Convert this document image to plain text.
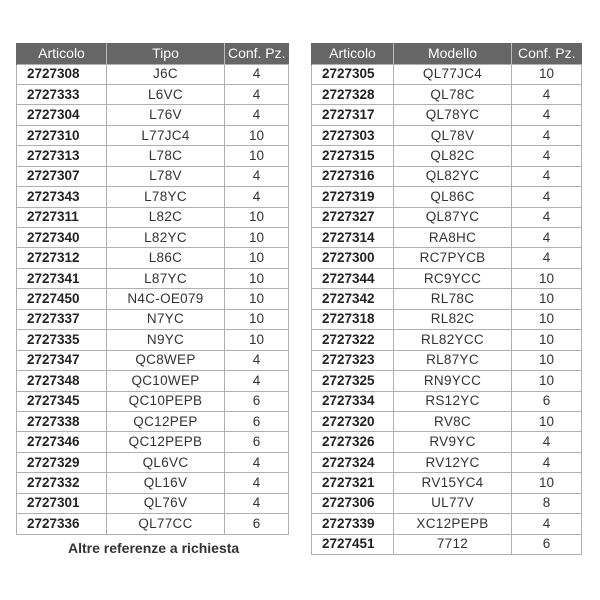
Articolo	Tipo	Conf. Pz.
2727308	J6C	4
2727333	L6VC	4
2727304	L76V	4
2727310	L77JC4	10
2727313	L78C	10
2727307	L78V	4
2727343	L78YC	4
2727311	L82C	10
2727340	L82YC	10
2727312	L86C	10
2727341	L87YC	10
2727450	N4C-OE079	10
2727337	N7YC	10
2727335	N9YC	10
2727347	QC8WEP	4
2727348	QC10WEP	4
2727345	QC10PEPB	6
2727338	QC12PEP	6
2727346	QC12PEPB	6
2727329	QL6VC	4
2727332	QL16V	4
2727301	QL76V	4
2727336	QL77CC	6
Articolo	Modello	Conf. Pz.
2727305	QL77JC4	10
2727328	QL78C	4
2727317	QL78YC	4
2727303	QL78V	4
2727315	QL82C	4
2727316	QL82YC	4
2727319	QL86C	4
2727327	QL87YC	4
2727314	RA8HC	4
2727300	RC7PYCB	4
2727344	RC9YCC	10
2727342	RL78C	10
2727318	RL82C	10
2727322	RL82YCC	10
2727323	RL87YC	10
2727325	RN9YCC	10
2727334	RS12YC	6
2727320	RV8C	10
2727326	RV9YC	4
2727324	RV12YC	4
2727321	RV15YC4	10
2727306	UL77V	8
2727339	XC12PEPB	4
2727451	7712	6
Altre referenze a richiesta
